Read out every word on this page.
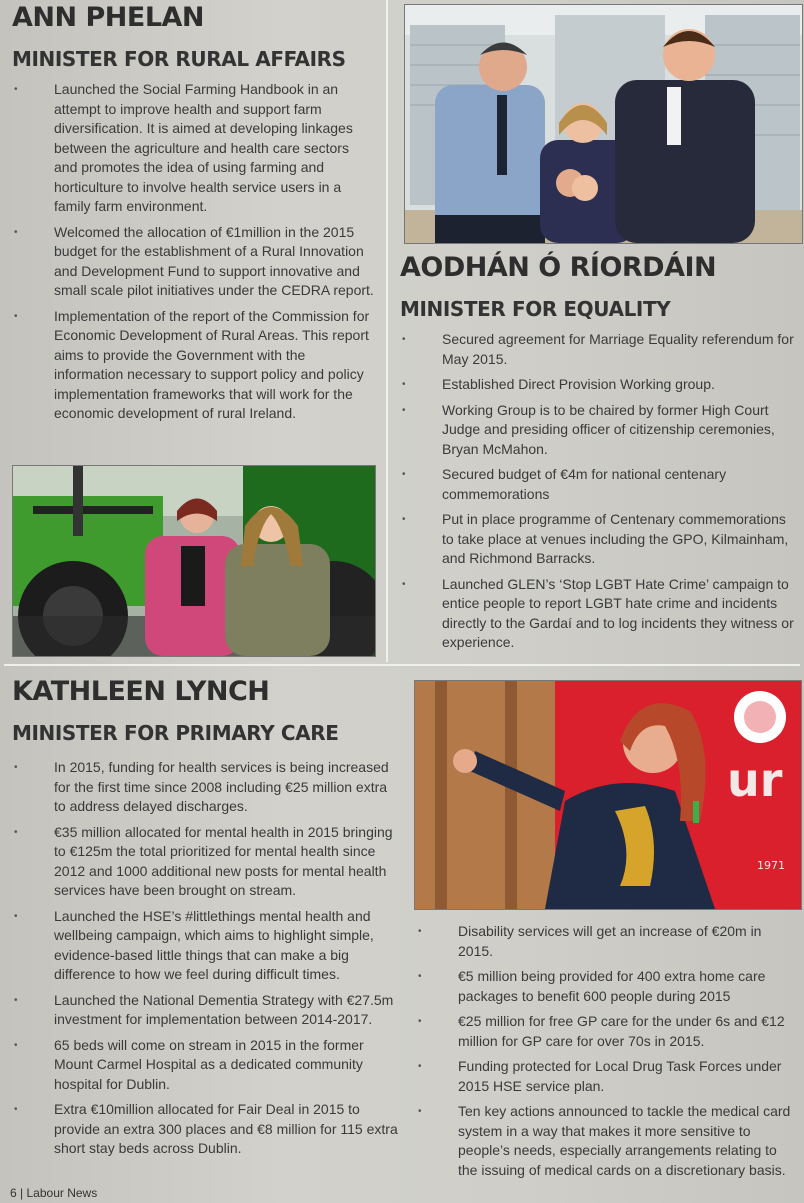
ANN PHELAN
MINISTER FOR RURAL AFFAIRS
• Launched the Social Farming Handbook in an attempt to improve health and support farm diversification. It is aimed at developing linkages between the agriculture and health care sectors and promotes the idea of using farming and horticulture to involve health service users in a family farm environment.
• Welcomed the allocation of €1million in the 2015 budget for the establishment of a Rural Innovation and Development Fund to support innovative and small scale pilot initiatives under the CEDRA report.
• Implementation of the report of the Commission for Economic Development of Rural Areas. This report aims to provide the Government with the information necessary to support policy and policy implementation frameworks that will work for the economic development of rural Ireland.
AODHÁN Ó RÍORDÁIN
MINISTER FOR EQUALITY
• Secured agreement for Marriage Equality referendum for May 2015.
• Established Direct Provision Working group.
• Working Group is to be chaired by former High Court Judge and presiding officer of citizenship ceremonies, Bryan McMahon.
• Secured budget of €4m for national centenary commemorations
• Put in place programme of Centenary commemorations to take place at venues including the GPO, Kilmainham, and Richmond Barracks.
• Launched GLEN’s ‘Stop LGBT Hate Crime’ campaign to entice people to report LGBT hate crime and incidents directly to the Gardaí and to log incidents they witness or experience.
KATHLEEN LYNCH
MINISTER FOR PRIMARY CARE
• In 2015, funding for health services is being increased for the first time since 2008 including €25 million extra to address delayed discharges.
• €35 million allocated for mental health in 2015 bringing to €125m the total prioritized for mental health since 2012 and 1000 additional new posts for mental health services have been brought on stream.
• Launched the HSE’s #littlethings mental health and wellbeing campaign, which aims to highlight simple, evidence-based little things that can make a big difference to how we feel during difficult times.
• Launched the National Dementia Strategy with €27.5m investment for implementation between 2014-2017.
• 65 beds will come on stream in 2015 in the former Mount Carmel Hospital as a dedicated community hospital for Dublin.
• Extra €10million allocated for Fair Deal in 2015 to provide an extra 300 places and €8 million for 115 extra short stay beds across Dublin.
ur
1971
• Disability services will get an increase of €20m in 2015.
• €5 million being provided for 400 extra home care packages to benefit 600 people during 2015
• €25 million for free GP care for the under 6s and €12 million for GP care for over 70s in 2015.
• Funding protected for Local Drug Task Forces under 2015 HSE service plan.
• Ten key actions announced to tackle the medical card system in a way that makes it more sensitive to people’s needs, especially arrangements relating to the issuing of medical cards on a discretionary basis.
6 | Labour News
